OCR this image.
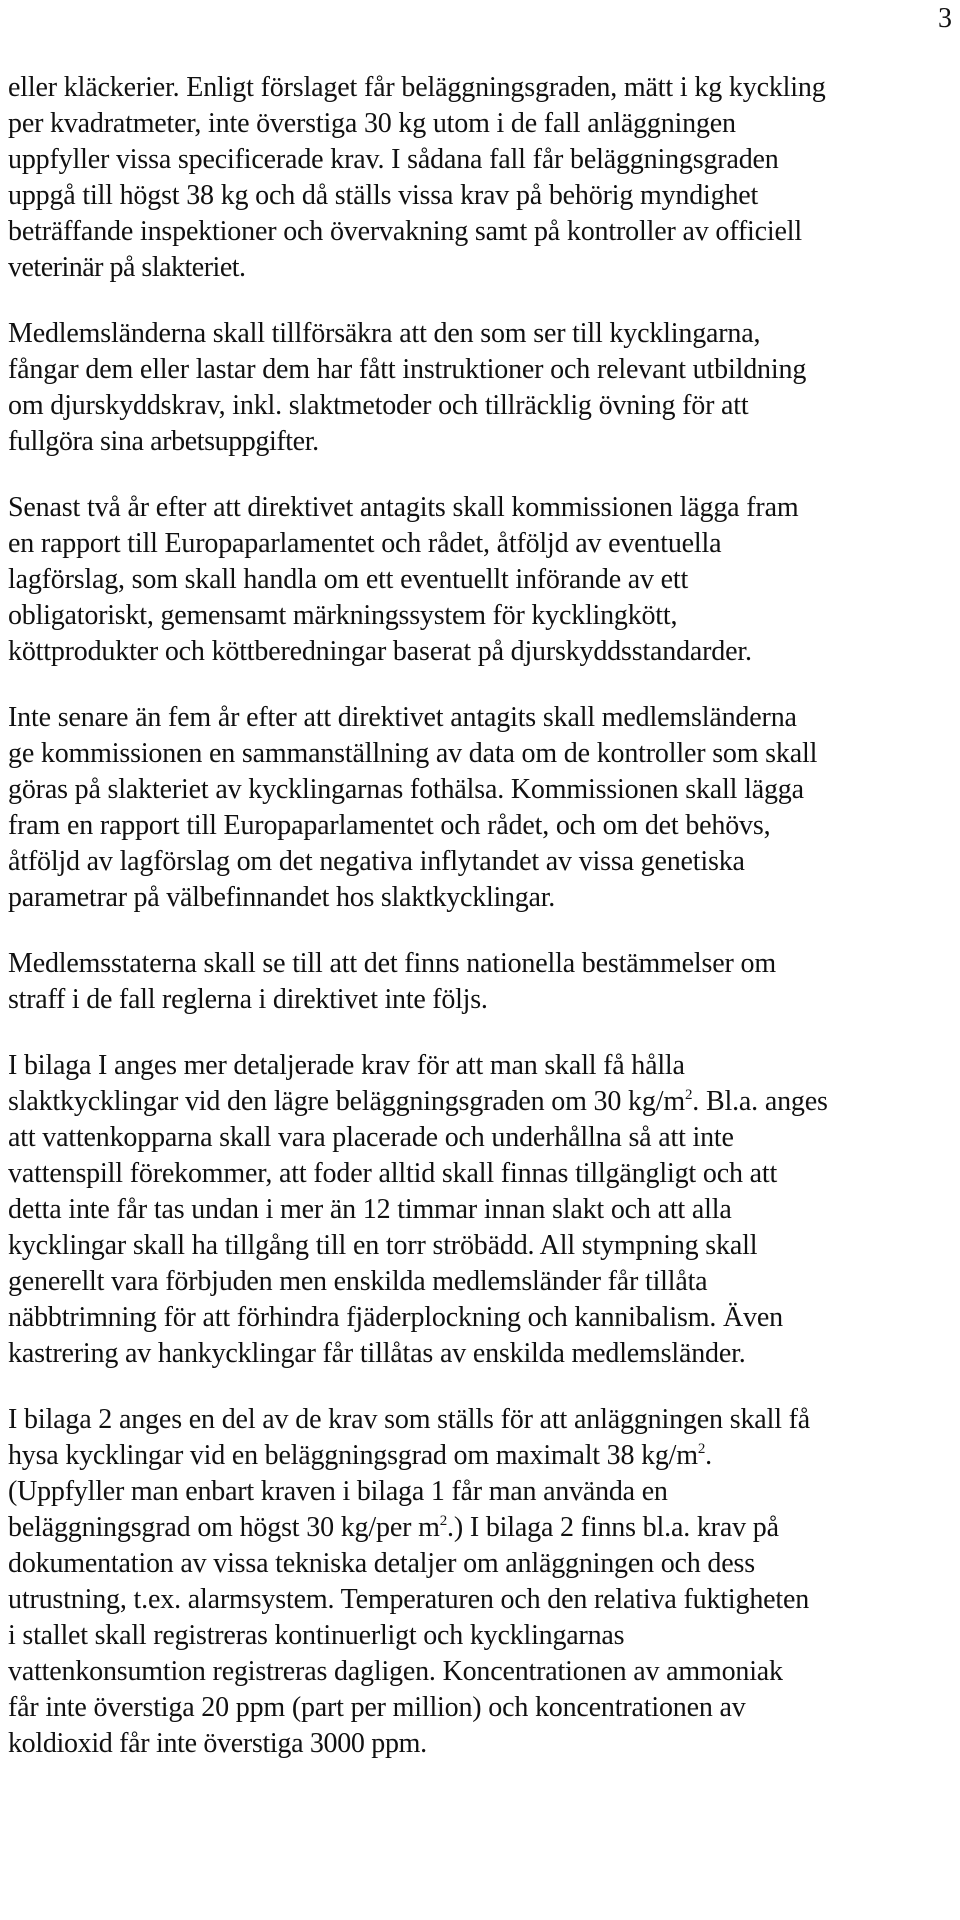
3

eller kläckerier. Enligt förslaget får beläggningsgraden, mätt i kg kyckling
per kvadratmeter, inte överstiga 30 kg utom i de fall anläggningen
uppfyller vissa specificerade krav. I sådana fall får beläggningsgraden
uppgå till högst 38 kg och då ställs vissa krav på behörig myndighet
beträffande inspektioner och övervakning samt på kontroller av officiell
veterinär på slakteriet.

Medlemsländerna skall tillförsäkra att den som ser till kycklingarna,
fångar dem eller lastar dem har fått instruktioner och relevant utbildning
om djurskyddskrav, inkl. slaktmetoder och tillräcklig övning för att
fullgöra sina arbetsuppgifter.

Senast två år efter att direktivet antagits skall kommissionen lägga fram
en rapport till Europaparlamentet och rådet, åtföljd av eventuella
lagförslag, som skall handla om ett eventuellt införande av ett
obligatoriskt, gemensamt märkningssystem för kycklingkött,
köttprodukter och köttberedningar baserat på djurskyddsstandarder.

Inte senare än fem år efter att direktivet antagits skall medlemsländerna
ge kommissionen en sammanställning av data om de kontroller som skall
göras på slakteriet av kycklingarnas fothälsa. Kommissionen skall lägga
fram en rapport till Europaparlamentet och rådet, och om det behövs,
åtföljd av lagförslag om det negativa inflytandet av vissa genetiska
parametrar på välbefinnandet hos slaktkycklingar.

Medlemsstaterna skall se till att det finns nationella bestämmelser om
straff i de fall reglerna i direktivet inte följs.

I bilaga I anges mer detaljerade krav för att man skall få hålla
slaktkycklingar vid den lägre beläggningsgraden om 30 $kg/m^2$. Bl.a. anges
att vattenkopparna skall vara placerade och underhållna så att inte
vattenspill förekommer, att foder alltid skall finnas tillgängligt och att
detta inte får tas undan i mer än 12 timmar innan slakt och att alla
kycklingar skall ha tillgång till en torr ströbädd. All stympning skall
generellt vara förbjuden men enskilda medlemsländer får tillåta
näbbtrimning för att förhindra fjäderplockning och kannibalism. Även
kastrering av hankycklingar får tillåtas av enskilda medlemsländer.

I bilaga 2 anges en del av de krav som ställs för att anläggningen skall få
hysa kycklingar vid en beläggningsgrad om maximalt 38 $kg/m^2$.
(Uppfyller man enbart kraven i bilaga 1 får man använda en
beläggningsgrad om högst 30 kg/per $m^2$.) I bilaga 2 finns bl.a. krav på
dokumentation av vissa tekniska detaljer om anläggningen och dess
utrustning, t.ex. alarmsystem. Temperaturen och den relativa fuktigheten
i stallet skall registreras kontinuerligt och kycklingarnas
vattenkonsumtion registreras dagligen. Koncentrationen av ammoniak
får inte överstiga 20 ppm (part per million) och koncentrationen av
koldioxid får inte överstiga 3000 ppm.
